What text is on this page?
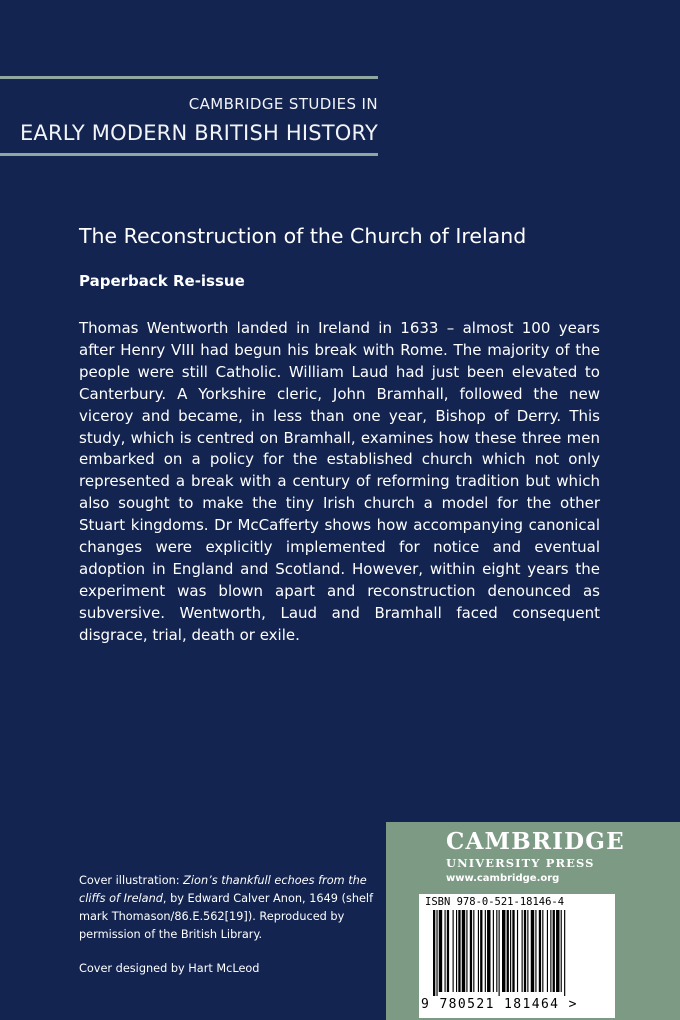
CAMBRIDGE STUDIES IN
EARLY MODERN BRITISH HISTORY
The Reconstruction of the Church of Ireland
Paperback Re-issue
Thomas Wentworth landed in Ireland in 1633 – almost 100 years after Henry VIII had begun his break with Rome. The majority of the people were still Catholic. William Laud had just been elevated to Canterbury. A Yorkshire cleric, John Bramhall, followed the new viceroy and became, in less than one year, Bishop of Derry. This study, which is centred on Bramhall, examines how these three men embarked on a policy for the established church which not only represented a break with a century of reforming tradition but which also sought to make the tiny Irish church a model for the other Stuart kingdoms. Dr McCafferty shows how accompanying canonical changes were explicitly implemented for notice and eventual adoption in England and Scotland. However, within eight years the experiment was blown apart and reconstruction denounced as subversive. Wentworth, Laud and Bramhall faced consequent disgrace, trial, death or exile.
Cover illustration: Zion’s thankfull echoes from the cliffs of Ireland, by Edward Calver Anon, 1649 (shelf mark Thomason/86.E.562[19]). Reproduced by permission of the British Library.
Cover designed by Hart McLeod
CAMBRIDGE
UNIVERSITY PRESS
www.cambridge.org
ISBN 978-0-521-18146-4
9 780521 181464 >
